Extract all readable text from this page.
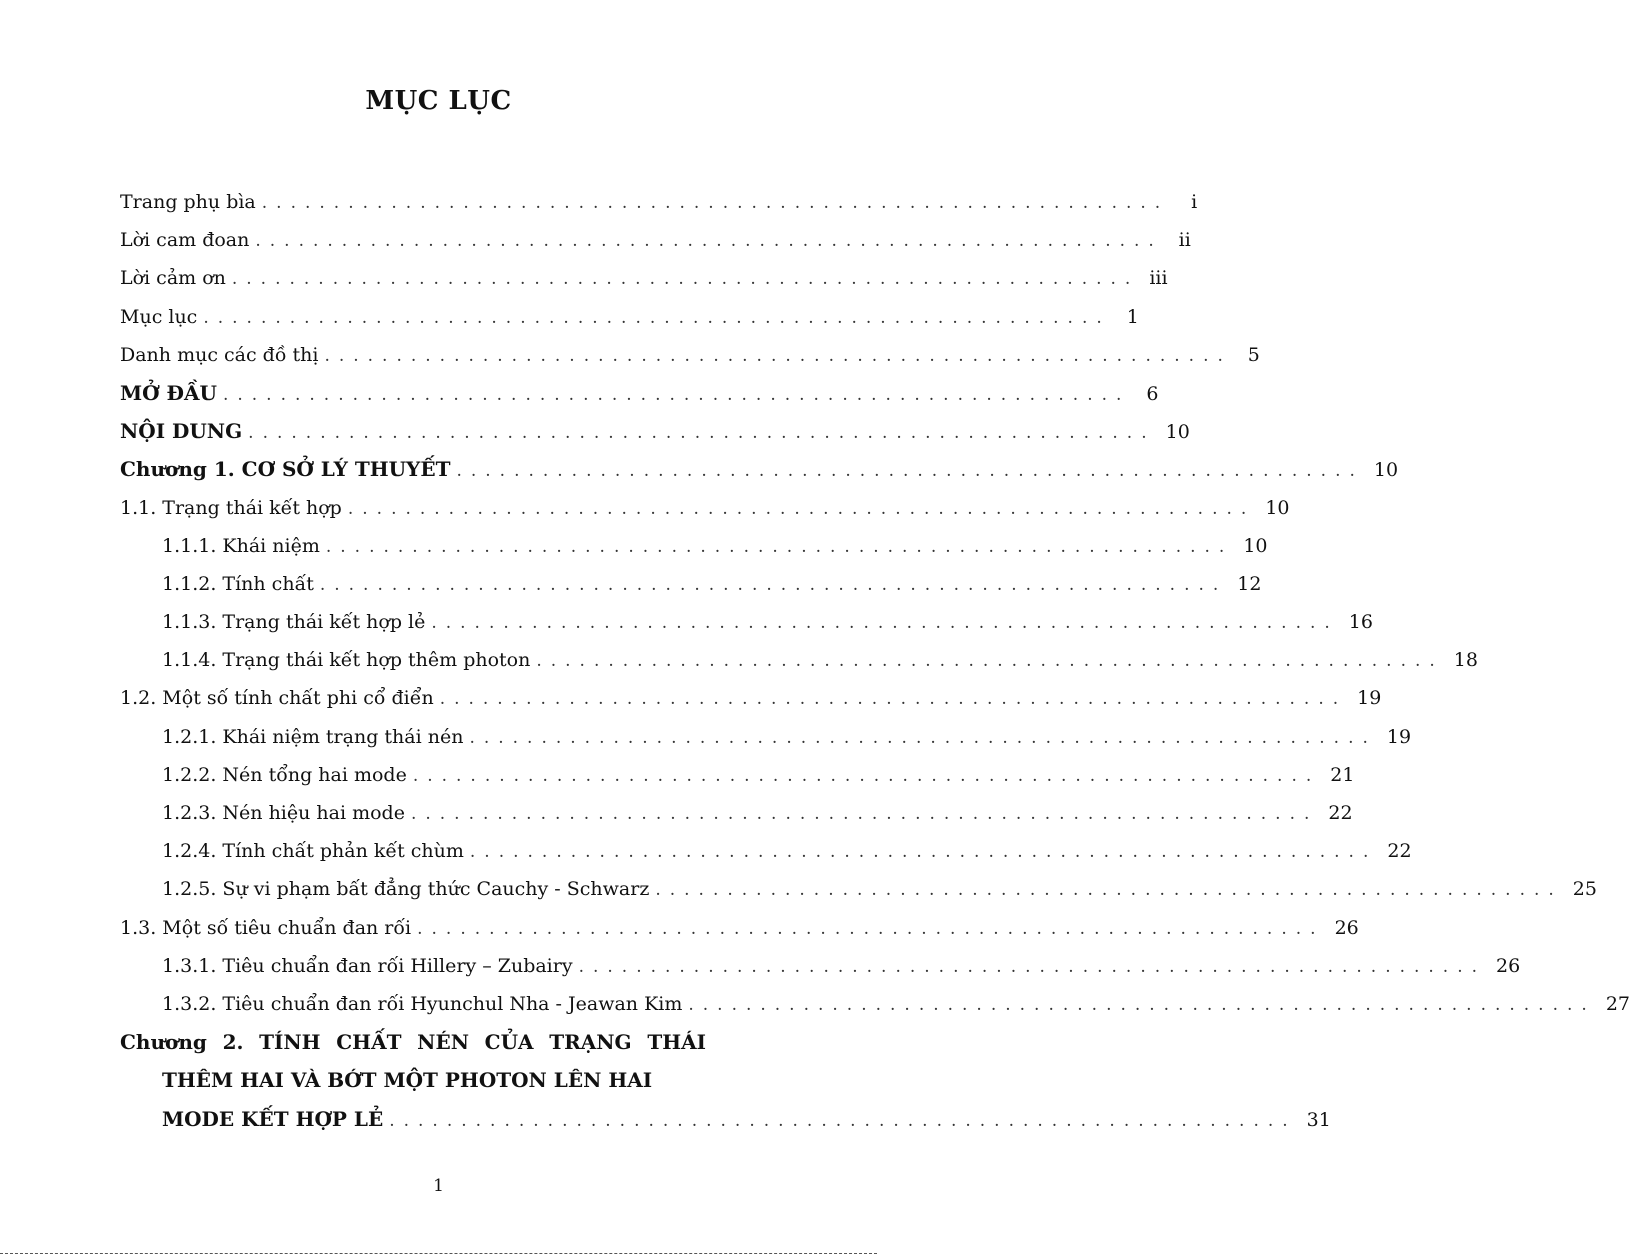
MỤC LỤC
Trang phụ bìa ...............................................................	i
Lời cam đoan ............................................................... ii
Lời cảm ơn ............................................................... iii
Mục lục ............................................................... 1
Danh mục các đồ thị ............................................................... 5
MỞ ĐẦU ............................................................... 6
NỘI DUNG ............................................................... 10
Chương 1. CƠ SỞ LÝ THUYẾT ............................................................... 10
1.1. Trạng thái kết hợp ............................................................... 10
1.1.1. Khái niệm ............................................................... 10
1.1.2. Tính chất ............................................................... 12
1.1.3. Trạng thái kết hợp lẻ ............................................................... 16
1.1.4. Trạng thái kết hợp thêm photon ............................................................... 18
1.2. Một số tính chất phi cổ điển ............................................................... 19
1.2.1. Khái niệm trạng thái nén ............................................................... 19
1.2.2. Nén tổng hai mode ............................................................... 21
1.2.3. Nén hiệu hai mode ............................................................... 22
1.2.4. Tính chất phản kết chùm ............................................................... 22
1.2.5. Sự vi phạm bất đẳng thức Cauchy - Schwarz ............................................................... 25
1.3. Một số tiêu chuẩn đan rối ............................................................... 26
1.3.1. Tiêu chuẩn đan rối Hillery – Zubairy ............................................................... 26
1.3.2. Tiêu chuẩn đan rối Hyunchul Nha - Jeawan Kim ............................................................... 27
Chương 2. TÍNH CHẤT NÉN CỦA TRẠNG THÁI
THÊM HAI VÀ BỚT MỘT PHOTON LÊN HAI
MODE KẾT HỢP LẺ ............................................................... 31
1
